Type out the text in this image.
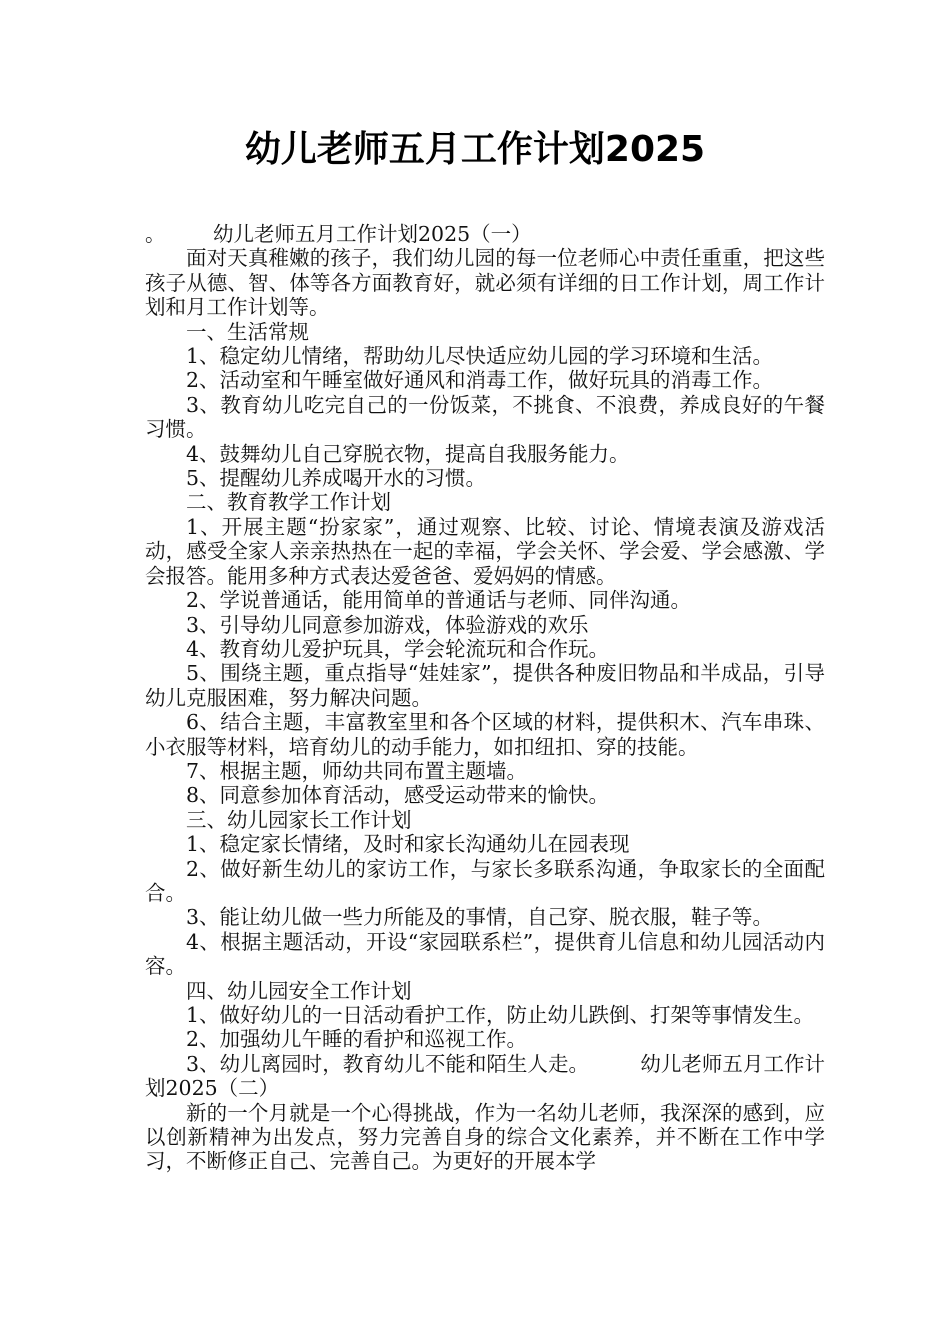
幼儿老师五月工作计划2025

。 幼儿老师五月工作计划2025（一）

面对天真稚嫩的孩子，我们幼儿园的每一位老师心中责任重重，把这些孩子从德、智、体等各方面教育好，就必须有详细的日工作计划，周工作计划和月工作计划等。

一、生活常规

1、稳定幼儿情绪，帮助幼儿尽快适应幼儿园的学习环境和生活。

2、活动室和午睡室做好通风和消毒工作，做好玩具的消毒工作。

3、教育幼儿吃完自己的一份饭菜，不挑食、不浪费，养成良好的午餐习惯。

4、鼓舞幼儿自己穿脱衣物，提高自我服务能力。

5、提醒幼儿养成喝开水的习惯。

二、教育教学工作计划

1、开展主题“扮家家”，通过观察、比较、讨论、情境表演及游戏活动，感受全家人亲亲热热在一起的幸福，学会关怀、学会爱、学会感激、学会报答。能用多种方式表达爱爸爸、爱妈妈的情感。

2、学说普通话，能用简单的普通话与老师、同伴沟通。

3、引导幼儿同意参加游戏，体验游戏的欢乐

4、教育幼儿爱护玩具，学会轮流玩和合作玩。

5、围绕主题，重点指导“娃娃家”，提供各种废旧物品和半成品，引导幼儿克服困难，努力解决问题。

6、结合主题，丰富教室里和各个区域的材料，提供积木、汽车串珠、小衣服等材料，培育幼儿的动手能力，如扣纽扣、穿的技能。

7、根据主题，师幼共同布置主题墙。

8、同意参加体育活动，感受运动带来的愉快。

三、幼儿园家长工作计划

1、稳定家长情绪，及时和家长沟通幼儿在园表现

2、做好新生幼儿的家访工作，与家长多联系沟通，争取家长的全面配合。

3、能让幼儿做一些力所能及的事情，自己穿、脱衣服，鞋子等。

4、根据主题活动，开设“家园联系栏”，提供育儿信息和幼儿园活动内容。

四、幼儿园安全工作计划

1、做好幼儿的一日活动看护工作，防止幼儿跌倒、打架等事情发生。

2、加强幼儿午睡的看护和巡视工作。

3、幼儿离园时，教育幼儿不能和陌生人走。　　　幼儿老师五月工作计划2025（二）

新的一个月就是一个心得挑战，作为一名幼儿老师，我深深的感到，应以创新精神为出发点，努力完善自身的综合文化素养，并不断在工作中学习，不断修正自己、完善自己。为更好的开展本学
